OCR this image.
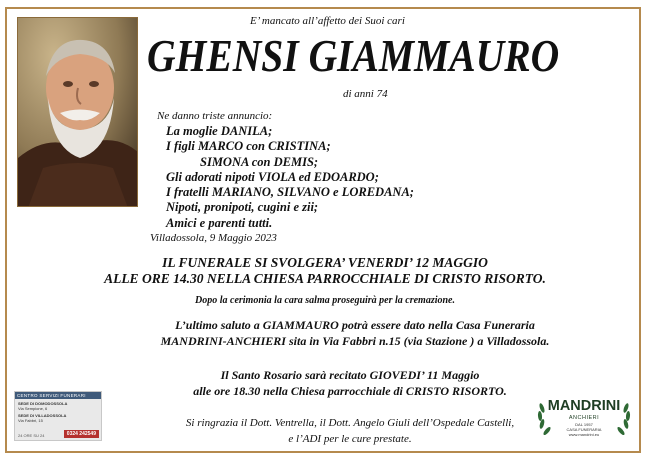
E’ mancato all’affetto dei Suoi cari
GHENSI GIAMMAURO
di anni 74
Ne danno triste annuncio:
La moglie DANILA;
I figli MARCO con CRISTINA;
SIMONA con DEMIS;
Gli adorati nipoti VIOLA ed EDOARDO;
I fratelli MARIANO, SILVANO e LOREDANA;
Nipoti, pronipoti, cugini e zii;
Amici e parenti tutti.
Villadossola, 9 Maggio 2023
IL FUNERALE SI SVOLGERA’ VENERDI’ 12 MAGGIO
ALLE ORE 14.30 NELLA CHIESA PARROCCHIALE DI CRISTO RISORTO.
Dopo la cerimonia la cara salma proseguirà per la cremazione.
L’ultimo saluto a GIAMMAURO potrà essere dato nella Casa Funeraria
MANDRINI-ANCHIERI sita in Via Fabbri n.15 (via Stazione ) a Villadossola.
Il Santo Rosario sarà recitato GIOVEDI’ 11 Maggio
alle ore 18.30 nella Chiesa parrocchiale di CRISTO RISORTO.
Si ringrazia il Dott. Ventrella, il Dott. Angelo Giuli dell’Ospedale Castelli,
e l’ADI per le cure prestate.
CENTRO SERVIZI FUNERARI
SEDE DI DOMODOSSOLA
Via Sempione, 6
SEDE DI VILLADOSSOLA
Via Fabbri, 15
24 ORE SU 24	0324 242549
MANDRINI
ANCHIERI
DAL 1957
CASA FUNERARIA
www.mandrini.eu
